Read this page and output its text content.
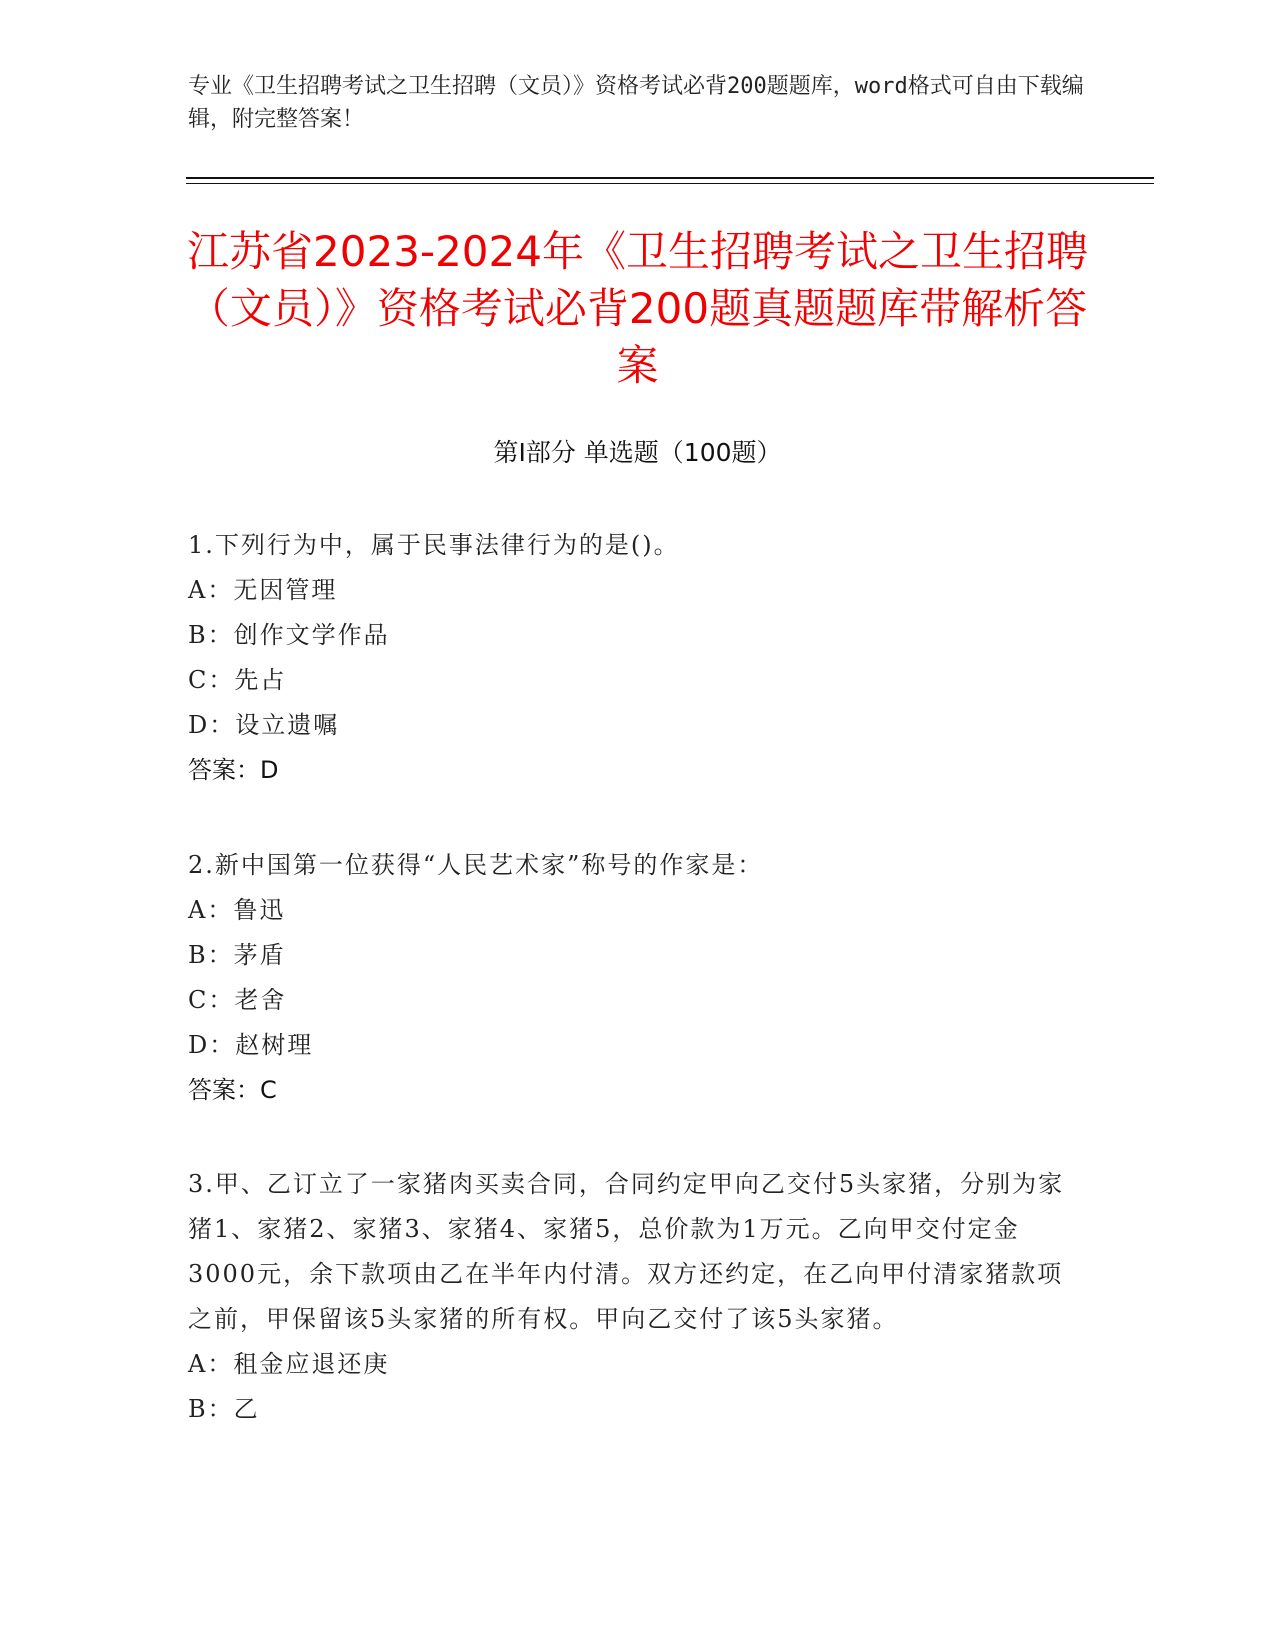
专业《卫生招聘考试之卫生招聘（文员）》资格考试必背200题题库，word格式可自由下载编辑，附完整答案！
江苏省2023-2024年《卫生招聘考试之卫生招聘（文员）》资格考试必背200题真题题库带解析答案
第Ⅰ部分 单选题（100题）
1.下列行为中，属于民事法律行为的是()。
A：无因管理
B：创作文学作品
C：先占
D：设立遗嘱
答案：D
2.新中国第一位获得“人民艺术家”称号的作家是：
A：鲁迅
B：茅盾
C：老舍
D：赵树理
答案：C
3.甲、乙订立了一家猪肉买卖合同，合同约定甲向乙交付5头家猪，分别为家猪1、家猪2、家猪3、家猪4、家猪5，总价款为1万元。乙向甲交付定金3000元，余下款项由乙在半年内付清。双方还约定，在乙向甲付清家猪款项之前，甲保留该5头家猪的所有权。甲向乙交付了该5头家猪。
A：租金应退还庚
B：乙
